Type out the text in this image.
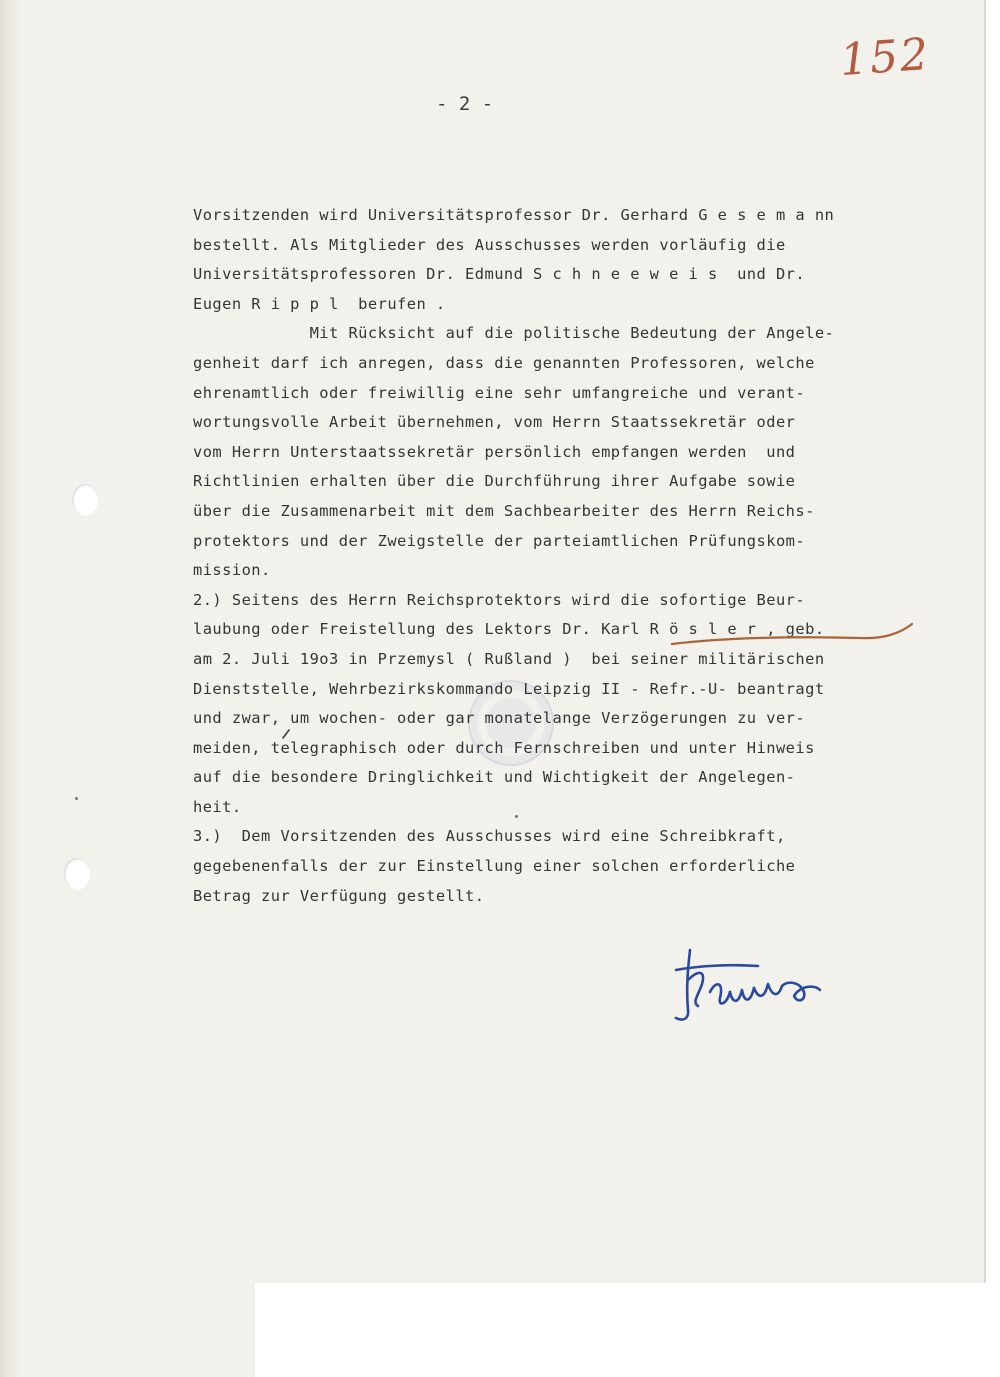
152
- 2 -
Vorsitzenden wird Universitätsprofessor Dr. Gerhard G e s e m a nn
bestellt. Als Mitglieder des Ausschusses werden vorläufig die
Universitätsprofessoren Dr. Edmund S c h n e e w e i s  und Dr.
Eugen R i p p l  berufen .
Mit Rücksicht auf die politische Bedeutung der Angele-
genheit darf ich anregen, dass die genannten Professoren, welche
ehrenamtlich oder freiwillig eine sehr umfangreiche und verant-
wortungsvolle Arbeit übernehmen, vom Herrn Staatssekretär oder
vom Herrn Unterstaatssekretär persönlich empfangen werden  und
Richtlinien erhalten über die Durchführung ihrer Aufgabe sowie
über die Zusammenarbeit mit dem Sachbearbeiter des Herrn Reichs-
protektors und der Zweigstelle der parteiamtlichen Prüfungskom-
mission.
2.) Seitens des Herrn Reichsprotektors wird die sofortige Beur-
laubung oder Freistellung des Lektors Dr. Karl R ö s l e r , geb.
am 2. Juli 19o3 in Przemysl ( Rußland )  bei seiner militärischen
Dienststelle, Wehrbezirkskommando Leipzig II - Refr.-U- beantragt
und zwar, um wochen- oder gar monatelange Verzögerungen zu ver-
meiden, telegraphisch oder durch Fernschreiben und unter Hinweis
auf die besondere Dringlichkeit und Wichtigkeit der Angelegen-
heit.
3.)  Dem Vorsitzenden des Ausschusses wird eine Schreibkraft,
gegebenenfalls der zur Einstellung einer solchen erforderliche
Betrag zur Verfügung gestellt.
